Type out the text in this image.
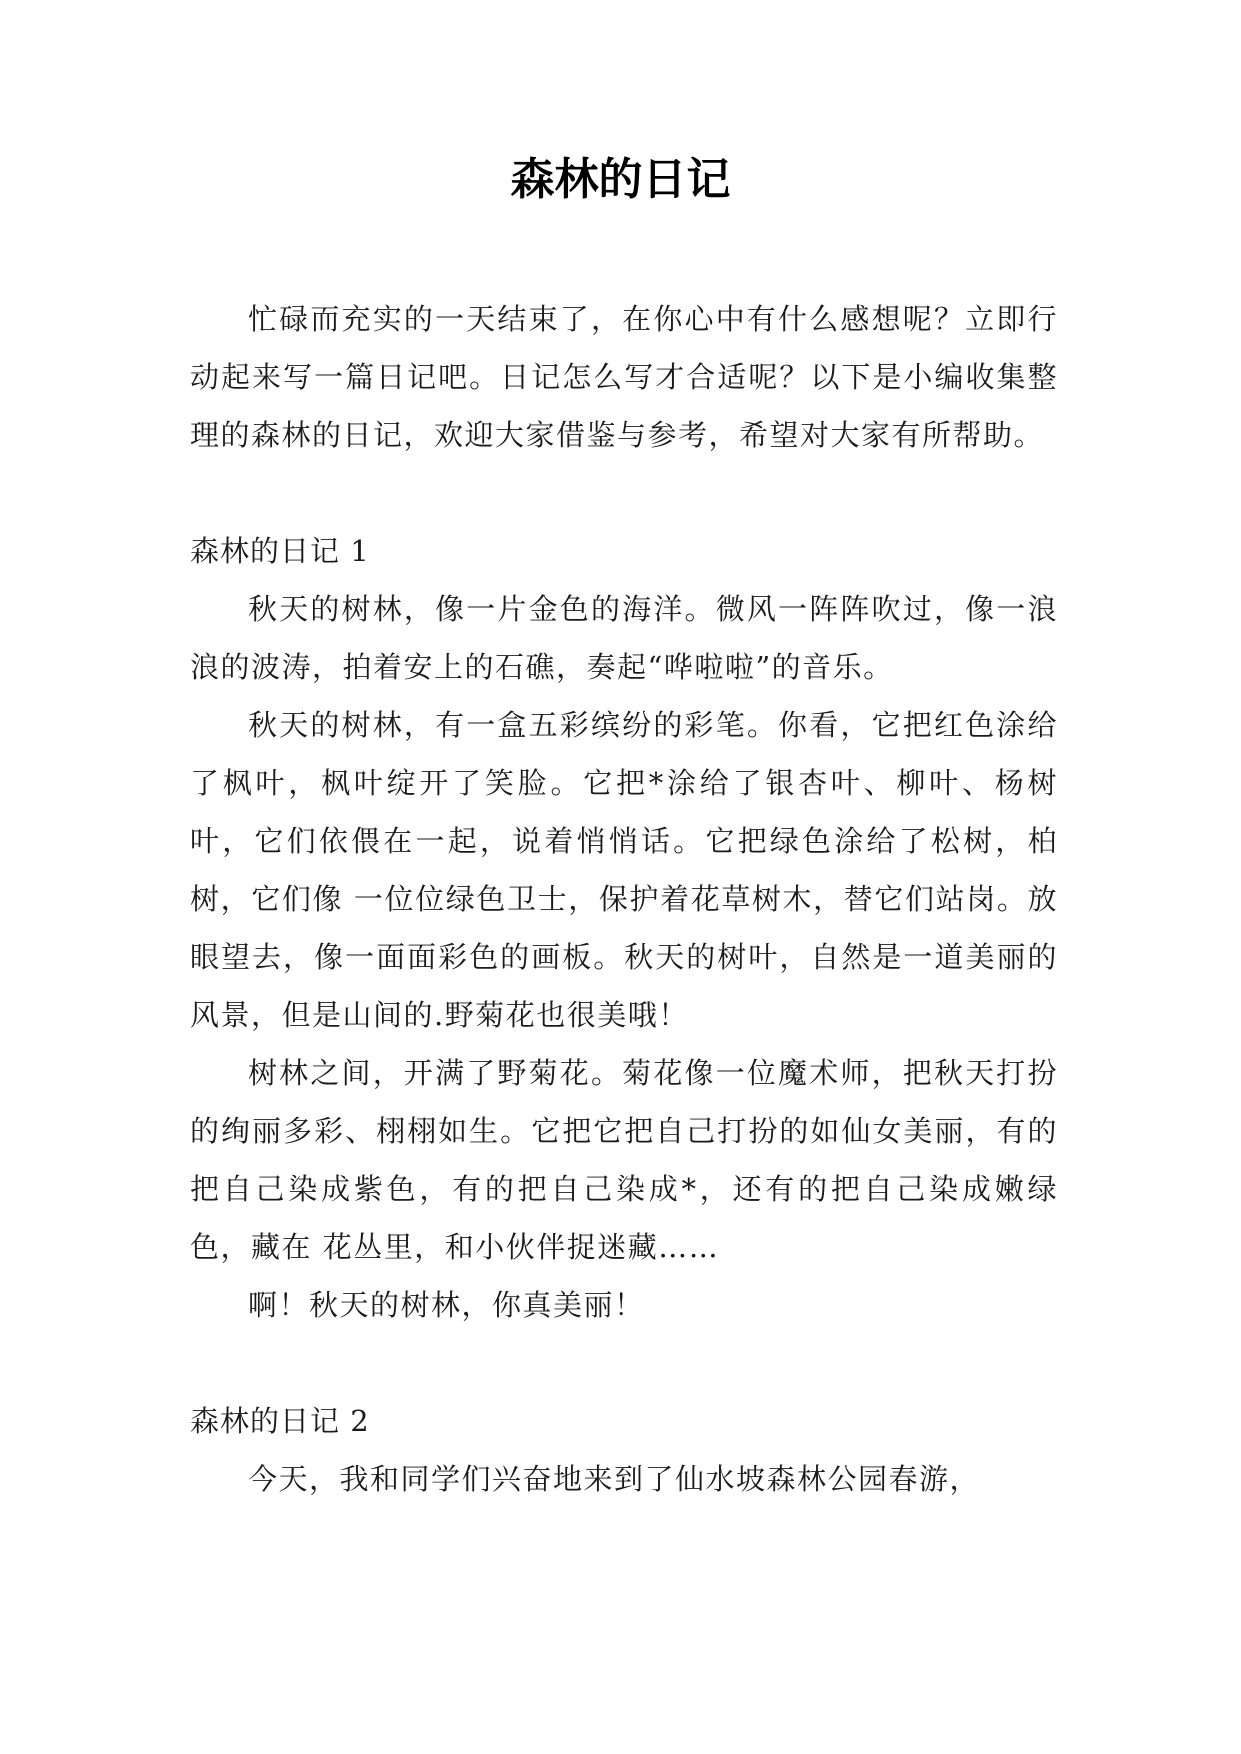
森林的日记

忙碌而充实的一天结束了，在你心中有什么感想呢？立即行动起来写一篇日记吧。日记怎么写才合适呢？以下是小编收集整理的森林的日记，欢迎大家借鉴与参考，希望对大家有所帮助。

森林的日记 1

秋天的树林，像一片金色的海洋。微风一阵阵吹过，像一浪浪的波涛，拍着安上的石礁，奏起“哗啦啦”的音乐。

秋天的树林，有一盒五彩缤纷的彩笔。你看，它把红色涂给了枫叶，枫叶绽开了笑脸。它把*涂给了银杏叶、柳叶、杨树叶，它们依偎在一起，说着悄悄话。它把绿色涂给了松树，柏树，它们像 一位位绿色卫士，保护着花草树木，替它们站岗。放眼望去，像一面面彩色的画板。秋天的树叶，自然是一道美丽的风景，但是山间的.野菊花也很美哦！

树林之间，开满了野菊花。菊花像一位魔术师，把秋天打扮的绚丽多彩、栩栩如生。它把它把自己打扮的如仙女美丽，有的把自己染成紫色，有的把自己染成*，还有的把自己染成嫩绿色，藏在 花丛里，和小伙伴捉迷藏……

啊！秋天的树林，你真美丽！

森林的日记 2

今天，我和同学们兴奋地来到了仙水坡森林公园春游，
